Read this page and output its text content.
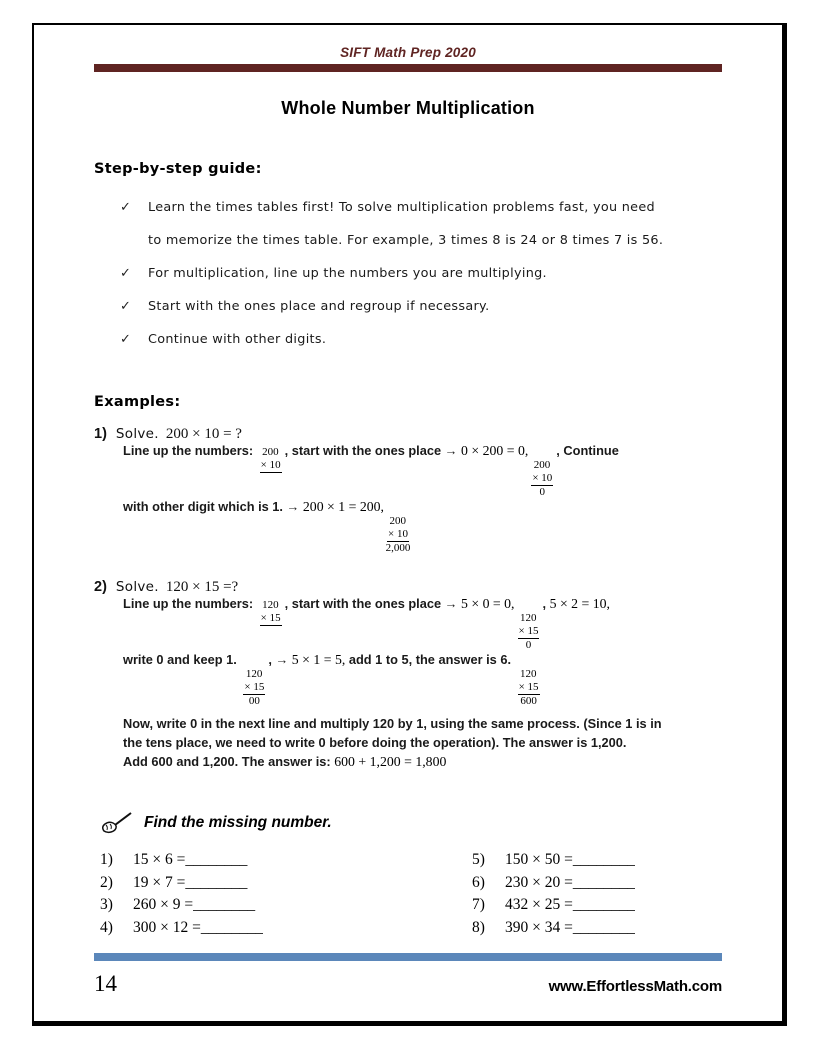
SIFT Math Prep 2020
Whole Number Multiplication
Step-by-step guide:
✓	Learn the times tables first! To solve multiplication problems fast, you need
to memorize the times table. For example, 3 times 8 is 24 or 8 times 7 is 56.
✓	For multiplication, line up the numbers you are multiplying.
✓	Start with the ones place and regroup if necessary.
✓	Continue with other digits.
Examples:
1) Solve. 200 × 10 = ?
Line up the numbers: 200
× 10
, start with the ones place → 0 × 200 = 0,
200
× 10
0
, Continue
with other digit which is 1. → 200 × 1 = 200,
200
× 10
2,000
2) Solve. 120 × 15 =?
Line up the numbers: 120
× 15
, start with the ones place → 5 × 0 = 0,
120
× 15
0
, 5 × 2 = 10,
write 0 and keep 1.
120
× 15
00
, → 5 × 1 = 5, add 1 to 5, the answer is 6.
120
× 15
600
Now, write 0 in the next line and multiply 120 by 1, using the same process. (Since 1 is in
the tens place, we need to write 0 before doing the operation). The answer is 1,200.
Add 600 and 1,200. The answer is: 600 + 1,200 = 1,800
Find the missing number.
1)	15 × 6 = ________
2)	19 × 7 = ________
3)	260 × 9 = ________
4)	300 × 12 = ________
5)	150 × 50 = ________
6)	230 × 20 = ________
7)	432 × 25 = ________
8)	390 × 34 = ________
14	www.EffortlessMath.com
